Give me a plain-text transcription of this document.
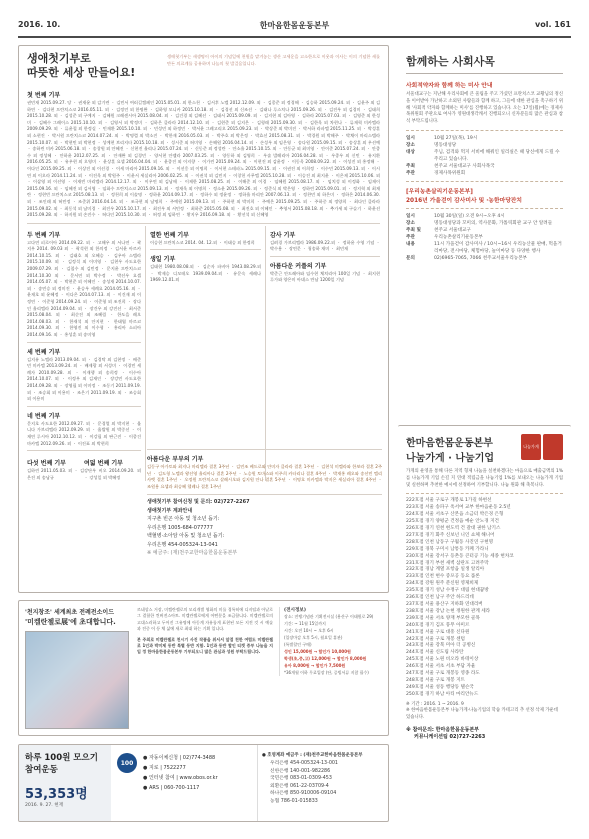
2016. 10.	한마음한몸운동본부	vol. 161
생애첫기부로
따뜻한 세상 만들어요!
생애첫기부는 새생명이 아이의 기념일에 천원을 맡겨놓는 생산 고세운을 고소한으로 이웃과 이사는 이의 기념한 새를 만든 의료계를 공유하며 나눔의 첫 발걸음입니다.
첫 번째 기부
권민재 2015.09.27. 당 ㆍ 권재윤 외 감기련 ㆍ 김민서 여러길캠페인 2015.05.01. 외 한스천 ㆍ 김서후 노엘 2012.12.09. 외 ㆍ 김종준 외 정경해 ㆍ 김승하 2015.09.24. 외 ㆍ 김윤주 외 김하연 ㆍ 김다현 프란치스코 2016.05.11. 외 ㆍ 김정언 외 한명완 ㆍ 김하영 모니카 2015.10.18. 외 ㆍ 김경선 외 신조선 ㆍ 김태나 루스치나 2015.09.26. 외 ㆍ 김진우 외 김경미 ㆍ 김태희 2015.10.28. 외 ㆍ 김성준 외 구예지 ㆍ 김혜원 크레센시아 2015.08.04. 외 ㆍ 김건경 외 김혜선 ㆍ 김태서 2015.09.09. 외 ㆍ 김지현 외 김아영 ㆍ 김하라 2015.07.03. 외 ㆍ 김영준 외 한성미 ㆍ 김혜수 그레이스 2015.10.10. 외 ㆍ 김영서 외 박정미 ㆍ 김하은 클라라 2014.12.10. 외 ㆍ 김현준 외 김지은 ㆍ 김형래 2015.09.30. 외 ㆍ 김한욱 외 차현나 ㆍ 류재혁 미카엘라 2009.09.29. 외 ㆍ 류윤철 외 한정실 ㆍ 민재환 2015.10.10. 외 ㆍ 민성민 외 하정민 ㆍ 박서윤 그레고리오 2015.09.23. 외 ㆍ 박상준 외 박미진 ㆍ 박서하 라파엘 2015.11.25. 외 ㆍ 박성훈 외 소현진 ㆍ 박시원 프란치스코 2014.07.24. 외 ㆍ 박명렬 외 박소진 ㆍ 박한재 2016.05.03. 외 ㆍ 박주호 외 박은정 ㆍ 박효선 2015.08.31. 외 ㆍ 박경원 외 박해주 ㆍ 박채이 마리스텔라 2015.10.07. 외 ㆍ 박현민 외 박현정 ㆍ 성예현 브리지타 2015.10.18. 외 ㆍ 성시준 외 허미영 ㆍ 손해원 2016.04.14. 외 ㆍ 손성우 외 임은영 ㆍ 송다원 2015.09.15. 외 ㆍ 송상훈 외 우선예 ㆍ 송하린 미카 2015.06.18. 외 ㆍ 송창원 외 안혜진 ㆍ 신현진 율리나 2015.07.24. 외 ㆍ 신동준 외 정성란 ㆍ 안소율 2015.10.15. 외 ㆍ 안동균 외 최미영 ㆍ 안이준 2015.07.24. 외 ㆍ 안종수 외 정성혜 ㆍ 안하윤 2012.07.25. 외 ㆍ 안재완 외 김경민 ㆍ 양서현 안젤라 2007.03.25. 외 ㆍ 양동하 외 김영희 ㆍ 우솔 발레리아 2016.04.28. 외 ㆍ 우종우 외 신민 ㆍ 유지환 2016.05.25. 외 ㆍ 유우현 외 오영미 ㆍ 윤상훈 요셉 2016.04.04. 외 ㆍ 윤종진 외 이지향 ㆍ 이가린 2015.09.24. 외 ㆍ 이현진 외 감윤정 ㆍ 이동욱 2008.09.22. 외 ㆍ 이성진 외 홍정해 ㆍ 이다인 2015.09.25. 외 ㆍ 이상진 외 이선경 ㆍ 이세 마리아 2015.09.16. 외 ㆍ 이선웅 외 이명희 ㆍ 이서현 스테파노 2015.09.15. 외 ㆍ 이권진 외 이희정 ㆍ 이수민 2015.09.13. 외 ㆍ 이시연 외 이오라 2014.11.24. 외 ㆍ 이진욱 외 박원주 ㆍ 이윤서 세실리아 2006.02.25. 외 ㆍ 이권석 외 김민지 ㆍ 이창헌 사무엘 2015.10.28. 외 ㆍ 이승진 외 최지윤 ㆍ 이은제 2015.10.06. 외 ㆍ 이삼영 외 이선영 ㆍ 이재빈 마리엘라 2014.12.17. 외 ㆍ 이우연 외 김남애 ㆍ 이제한 2015.08.25. 외 ㆍ 이해준 외 이경 ㆍ 임혜원 2015.08.17. 외 ㆍ 임치성 외 이정화 ㆍ 임재이 2015.09.16. 외 ㆍ 임혜진 외 김서영 ㆍ 임화수 프란치스코 2015.09.13. 외 ㆍ 정재욱 외 이명희 ㆍ 정소윤 2015.09.26. 외 ㆍ 정준식 외 박은영 ㆍ 정하린 2015.09.01. 외 ㆍ 정지혁 외 최재란 ㆍ 정현빈 프란치스코 2015.08.13. 외 ㆍ 정천희 외 이솔명 ㆍ 정하윤 2014.09.17. 외 ㆍ 정하수 외 정윤정 ㆍ 정하율 마리안 2007.06.13. 외 ㆍ 정찬민 외 하은미 ㆍ 정하은 2014.06.30. 외 ㆍ 조인래 외 허민정 ㆍ 조준위 2016.04.14. 외 ㆍ 조국현 외 남명희 ㆍ 주예원 2015.09.13. 외 ㆍ 주하현 외 박미희 ㆍ 주예은 2015.09.25. 외 ㆍ 주하중 외 정양희 ㆍ 최다인 클라라 2015.09.02. 외 ㆍ 최동석 외 남미경 ㆍ 최진우 2015.10.17. 외 ㆍ 최진우 외 서민정 ㆍ 최하준 2015.05.08. 외 ㆍ 최진호 외 이혜인 ㆍ 추영서 2015.08.18. 외 ㆍ 추가세 외 구슬기 ㆍ 하윤선 2015.09.28. 외 ㆍ 하지원 외 손진수 ㆍ 허다인 2015.10.30. 외 ㆍ 허정 외 임하연 ㆍ 황지우 2016.09.18. 외 ㆍ 황선석 외 신혜영
두 번째 기부
고다연 피로이아 2014.09.22. 외 ㆍ 고해우 외 서나연 ㆍ 곽지우 2014. 09.03 외 ㆍ 곽석현 외 한의정 ㆍ 김서윤 아르카 2014.10.15. 외 ㆍ 김태호 외 오혜승 ㆍ 김우아 스텔라 2015.10.09. 외 ㆍ 김정석 외 이미영 ㆍ 김현우 사도요한 2009.07.29. 외 ㆍ 김철수 외 김민정 ㆍ 문지윤 프란치스코 2014.10.30 외 ㆍ 문서연 외 박수정 ㆍ 박선우 요셉 2014.05.07. 외 ㆍ 박현준 외 이혜인 ㆍ 송성재 2014.10.07. 외 ㆍ 송민승 외 정미진 ㆍ 윤승우 세례요 2014.05.16. 외 ㆍ 윤재호 외 윤혜정 ㆍ 이다은 2014.07.13. 외 ㆍ 이건재 외 이정연 ㆍ 이준형 2014.09.24. 외 ㆍ 이준형 외 조진희 ㆍ 장다인 율리엘라 2014.09.04. 외 ㆍ 장건우 외 강진선 ㆍ 최서준 2015.08.04. 외 ㆍ 최순진 외 조혜림 ㆍ 한도을 레오 2014.08.03. 외 ㆍ 한재석 외 안지현 ㆍ 한태엽 마르코 2014.09.30. 외 ㆍ 한영진 외 이수형 ㆍ 홍리아 소피아 2014.09.16. 외 ㆍ 홍성훈 외 송미영
세 번째 기부
김지유 노엘라 2013.09.04. 외 ㆍ 김경탁 외 김현정 ㆍ 배준민 미카엘 2013.09.24. 외 ㆍ 배제광 외 서성미 ㆍ 이경민 세례자 2010.09.28. 외 ㆍ 이재행 외 송희정 ㆍ 이수아 2014.10.07. 외 ㆍ 이정우 외 김재인 ㆍ 장강민 사도요한 2014.09.28. 외 ㆍ 장영필 외 이미정 ㆍ 조동기 2011.09.19. 외 ㆍ 조승회 외 이용미 ㆍ 조은기 2011.09.19. 외 ㆍ 조승회 외 이용미
네 번째 기부
문지호 사도요한 2012.09.27. 외 ㆍ 문경열 외 박지현 ㆍ 울니다 가브리엘라 2012.09.29. 외 ㆍ 울밥원 외 박중선 ㆍ 이재연 루시아 2012.10.12. 외 ㆍ 이강필 외 판근진 ㆍ 이종건 마카엘 2012.09.26. 외 ㆍ 이진표 외 박현희
다섯 번째 기부
김하린 2011.05.03. 외 ㆍ 김은진 외 송남규
여덟 번째 기부
강단우 비오 2014.09.20. 외 ㆍ 강성일 외 박혜정
열한 번째 기부
이승현 프란치스코 2014. 04. 12.외 ㆍ 이태승 외 한정희
생일 기부
김태현 1980.08.08.외 ㆍ 김순자 파비아 1943.08.29.외 ㆍ 박제승 디모테오 1939.09.04.외 ㆍ 유문숙 세레나 1969.12.01.외
감사 기부
김려경 가브리엘라 1986.09.22.외 ㆍ 정하윤 수영 기념 ㆍ 박수용 ㆍ 장연문 ㆍ 청송하 재미 ㆍ 최민재
아름다운 커플의 기부
박준근 안드레아와 임수현 체치리아 100일 기념 ㆍ 최지현 루가와 양은미 아녜스 만남 1200일 기념
아름다운 부부의 기부
김동구 아가토와 최지나 마리엘라 결혼 3주년 ㆍ 김민조 베드로와 안미자 클라라 결혼 1주년 ㆍ 김현석 미켈라와 한보라 결혼 2주년 ㆍ 김도형 노엘과 왕선영 율리아나 결혼 2주년 ㆍ 노승원 토마스와 이주희 카타리나 결혼 4주년 ㆍ 박재홍 레오와 송선민 엘리사벳 결혼 1주년 ㆍ 오정원 프란치스코 살레시오와 김지원 안나 결혼 5주년 ㆍ 이명호 미카엘과 박지은 세실리아 결혼 4주년 ㆍ 조원용 요셉과 최승혜 헬레나 결혼 1주년
생애첫기부 참여신청 및 문의: 02)727-2267
생애첫기부 계좌안내
지구촌 빈곤 아동 및 청소년 돕기:
우리은행 1005-684-077777
백혈병·소아암 아동 및 청소년 돕기:
우리은행 454-005324-13-041
※ 예금주: (재)천주교한마음한몸운동본부
함께하는 사회사목
사회적약자와 함께 하는 미사 안내
서울대교구는 지난해 우리사회에 큰 울림을 주고 가셨던 프란치스코 교황님의 정신을 이어받아 가난하고 소외된 사람들과 함께 하고, 그들에 대한 관심을 촉구하기 위해 '사회적 약자와 함께하는 미사'를 진행하고 있습니다. 오는 17일(월)에는 경제사목위원회 주관으로 여사가 영원대생각캐서 진행되오니 신자분들의 많은 관심과 참석 부탁드립니다.
일시	10월 27일(목), 19시
장소	명동대성당
대상	주님, 검격와 먹지 서비에 해줘인 일리실은 때 당신에게 드릴 수 주리고 있습니다.
주최	천주교 서울대교구 사회사목국
주관	경제사목위원회
[우리농촌살리기운동본부]
2016년 가을걷이 감사미사 및 ·농한마당잔치
일시	10월 30일(일) 오전 9시~오후 4시
장소	명동대성당과 꼬미의, 역사문화, 가톨릭회관 교구 안 알려들
주최 및	천주교 서울대교구
주관	우리농촌살리기운동본부
내용	11시 가을걷이 감사미사 / 10시~16시 우리농산물 판매, 먹을거리마당, 전시마당, 체험마당, 놀이마당 등 다양한 행사
문의	02)6965-7065, 7066 천주교서울우리농본부
한마음한몸운동본부
나눔가게 · 나눔기업
나눔가게
가게의 운영을 통해 다른 지역 형제 나눔을 실천하겠다는 마음으로 매출금액의 1%를 나눔가게 기업 손길 지 연대 적립금을 나눔기업 1%를 보내오는 나눔가게 기업 및 실천하며 추천한 예시에 선정하여 기부합니다. 나눔 원화 해 축복니다.
222호점 서울 구로구 개봉로 1가길 하현선
223호점 서울 송파구 옥서여 교부 한마음운동 2.5년
224호점 서울 서초구 산본읍 소금터 박은경 은형
225호점 경기 양평군 건정읍 예순 안노경 지건
226호점 경기 연천 현도역 건 갈대 권한 남기스
227호점 경기 화주 신보넌 니인 쇼체 해니어
228호점 인천 남동구 구월동 사진연 구현명
229호점 경북 구미시 남통동 카페 가라니
230호점 서울 강서구 등촌동 큰터공 기능 세종 현차코
231호점 경기 부천 새벽 삼관포 고려주막
232호점 경남 계열 포항읍 일생 알리아
233호점 인천 현수 증포공 동요 롤론
234호점 강원 원주 분신원 영제희제
235호점 경기 성남 수정구 대림 현대꿈방
236호점 인천 남구 주안 하드리데
237호점 서울 용산구 지하화 연대리버
238호점 서울 강남 논현 정원한 관계 세라
239호점 서울 서초 양재 부모한 골목
240호점 경기 김포 풍무 아미르
241호점 서울 구로 대흥 신다원
242호점 서울 구로 개봉 센텀
243호점 서울 강북 미아 더 공병신
244호점 서울 신도림 사라탄
245호점 서울 노원 비오라 바테이상
246호점 서울 서초 서초 부담 자율
247호점 서울 구로 개봉동 영종 라도
248호점 서울 구로 개봉 지트
249호점 서울 성동 행당동 텔슨국
250호점 경기 하남 아티 마리안뉴드
※ 기간 : 2016. 1 ~ 2016. 9
※ 한마음한몸운동본부 나눔가게·나눔기업의 학습 카테고리 추 선정 삭제 가운데 있습니다.
※ 참여문의: 한마음한몸운동본부
커뮤니케이션팀 02)727-2263
'천지창조' 세계최초 전례전소이드
'미켈란젤로展'에 초대합니다.
르네상스 거장, 미켈란젤로의 모리개별 영화의 미를 경특히에 디지털과 아날로그 결합한 컨버전스아트. 미켈란젤로에게 어떤분을 조금합니다. 미켈란젤로의 고대스러하고 두어진 그유명에 아동계 자유롭게 표현된 모든 지전 것 시 예술과 전중 어 등 체 삶에 새로 최대 하는 기획 입니다.
본 주최로 미켈란젤로 천시기 사진 작품을 위서서 앞접 천한 여럽도 미켈란젤로 1인과 박미제 동반 특별 동반 지함. 1인과 동반 할인 티켓 증부 나눔을 지입 정 한마음한몸운동본부 기부되오니 많은 관심과 성원 부탁드립니다.
(전시정보)
장소: 전쟁기념관 기획전시실 (용산구 이태원로 29)
기간: ~ 11월 15일까지
시간: 오전 10시 ~ 오후 6시
(입장마감 오후 5시, 월요일 휴관)
(특별할인 구매)
성인 15,000원 → 할인가 10,000원
학생(초,중,고) 12,000원 → 할인가 8,000원
유아 8,000원 → 할인가 7,500원
*36개월 이하 무료입장 (단, 증빙서류 지참 필수)
하루 100원 모으기
참여운동
53,353명
2016. 9. 27. 현재
100
● 자동이체신청 | 02)774-3488
● 지로 | 7522277
● 인터넷 참여 | www.obos.or.kr
● ARS | 060-700-1117
● 호영계좌 예금주 : (재)천주교한마음한몸운동본부
우리은행 454-005324-13-001
신한은행 140-001-982286
국민은행 083-01-0309-453
외환은행 061-22-03709-4
하나은행 850-910006-09104
농협 786-01-015833
